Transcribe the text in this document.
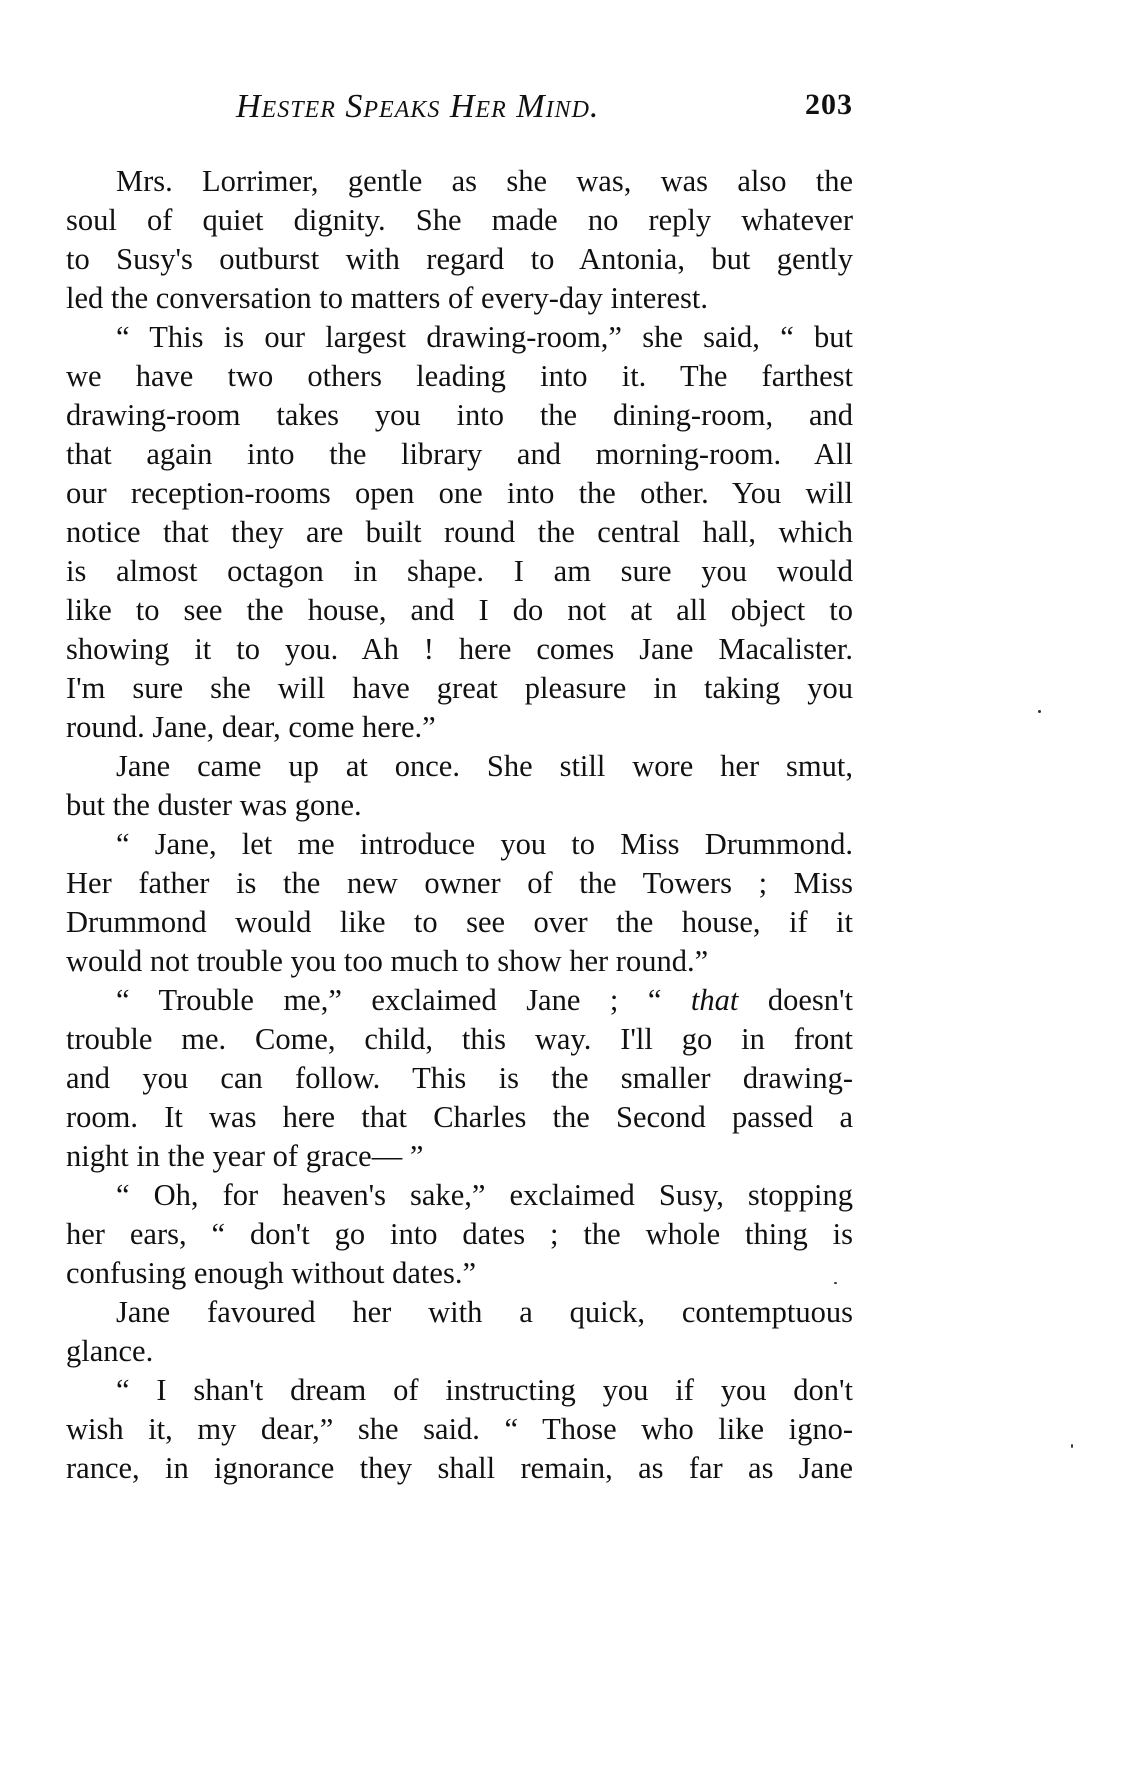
Hester Speaks Her Mind.	203
Mrs. Lorrimer, gentle as she was, was also the
soul of quiet dignity. She made no reply whatever
to Susy's outburst with regard to Antonia, but gently
led the conversation to matters of every-day interest.
“ This is our largest drawing-room,” she said, “ but
we have two others leading into it. The farthest
drawing-room takes you into the dining-room, and
that again into the library and morning-room. All
our reception-rooms open one into the other. You will
notice that they are built round the central hall, which
is almost octagon in shape. I am sure you would
like to see the house, and I do not at all object to
showing it to you. Ah ! here comes Jane Macalister.
I'm sure she will have great pleasure in taking you
round. Jane, dear, come here.”
Jane came up at once. She still wore her smut,
but the duster was gone.
“ Jane, let me introduce you to Miss Drummond.
Her father is the new owner of the Towers ; Miss
Drummond would like to see over the house, if it
would not trouble you too much to show her round.”
“ Trouble me,” exclaimed Jane ; “ that doesn't
trouble me. Come, child, this way. I'll go in front
and you can follow. This is the smaller drawing-
room. It was here that Charles the Second passed a
night in the year of grace— ”
“ Oh, for heaven's sake,” exclaimed Susy, stopping
her ears, “ don't go into dates ; the whole thing is
confusing enough without dates.”
Jane favoured her with a quick, contemptuous
glance.
“ I shan't dream of instructing you if you don't
wish it, my dear,” she said. “ Those who like igno-
rance, in ignorance they shall remain, as far as Jane
